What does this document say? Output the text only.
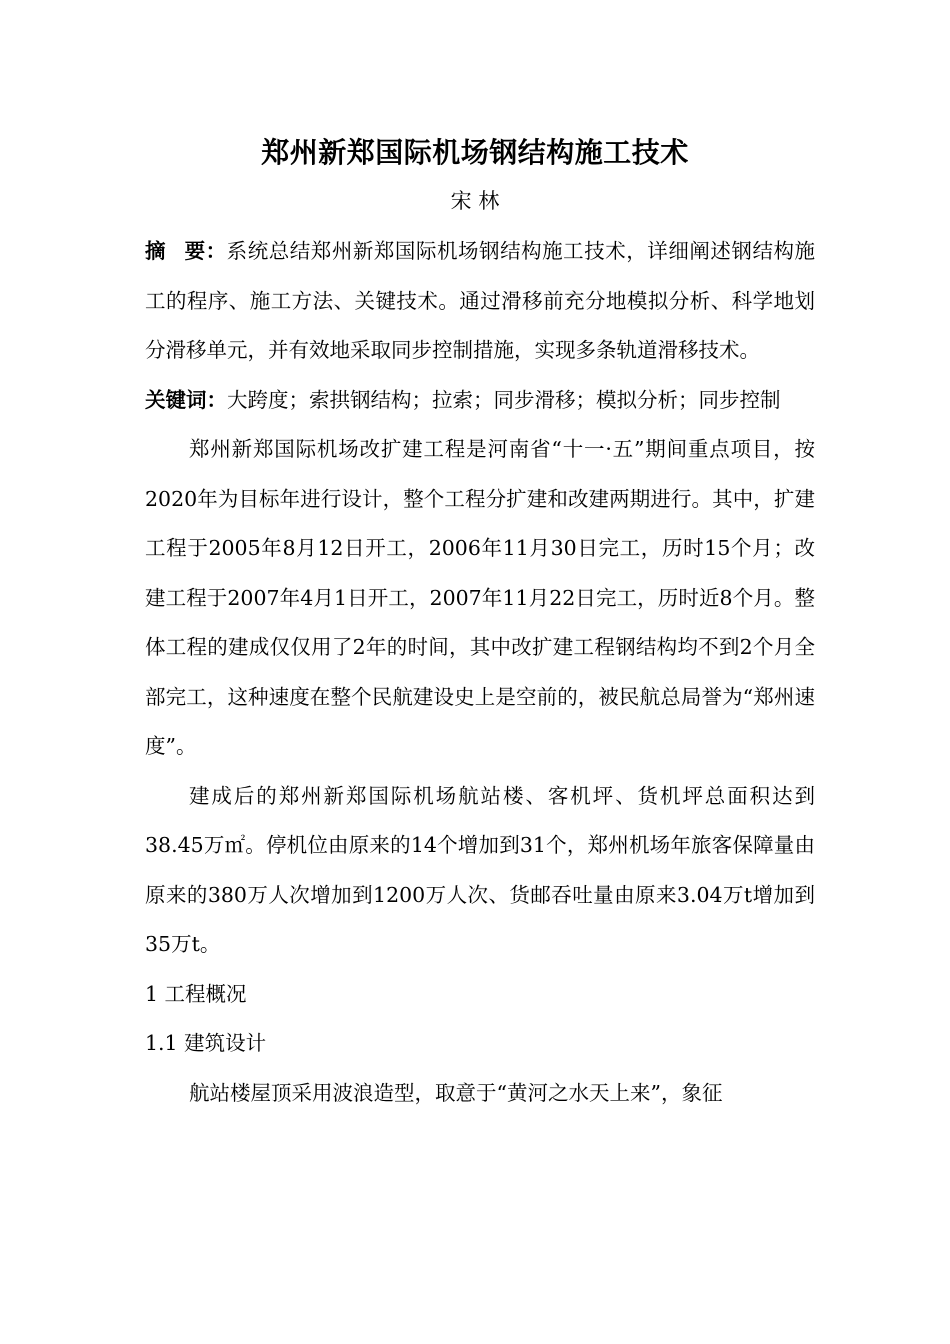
郑州新郑国际机场钢结构施工技术
宋 林

摘 要：系统总结郑州新郑国际机场钢结构施工技术，详细阐述钢结构施工的程序、施工方法、关键技术。通过滑移前充分地模拟分析、科学地划分滑移单元，并有效地采取同步控制措施，实现多条轨道滑移技术。

关键词：大跨度；索拱钢结构；拉索；同步滑移；模拟分析；同步控制

郑州新郑国际机场改扩建工程是河南省“十一·五”期间重点项目，按2020年为目标年进行设计，整个工程分扩建和改建两期进行。其中，扩建工程于2005年8月12日开工，2006年11月30日完工，历时15个月；改建工程于2007年4月1日开工，2007年11月22日完工，历时近8个月。整体工程的建成仅仅用了2年的时间，其中改扩建工程钢结构均不到2个月全部完工，这种速度在整个民航建设史上是空前的，被民航总局誉为“郑州速度”。

建成后的郑州新郑国际机场航站楼、客机坪、货机坪总面积达到38.45万㎡。停机位由原来的14个增加到31个，郑州机场年旅客保障量由原来的380万人次增加到1200万人次、货邮吞吐量由原来3.04万t增加到35万t。

1 工程概况

1.1 建筑设计

航站楼屋顶采用波浪造型，取意于“黄河之水天上来”，象征
